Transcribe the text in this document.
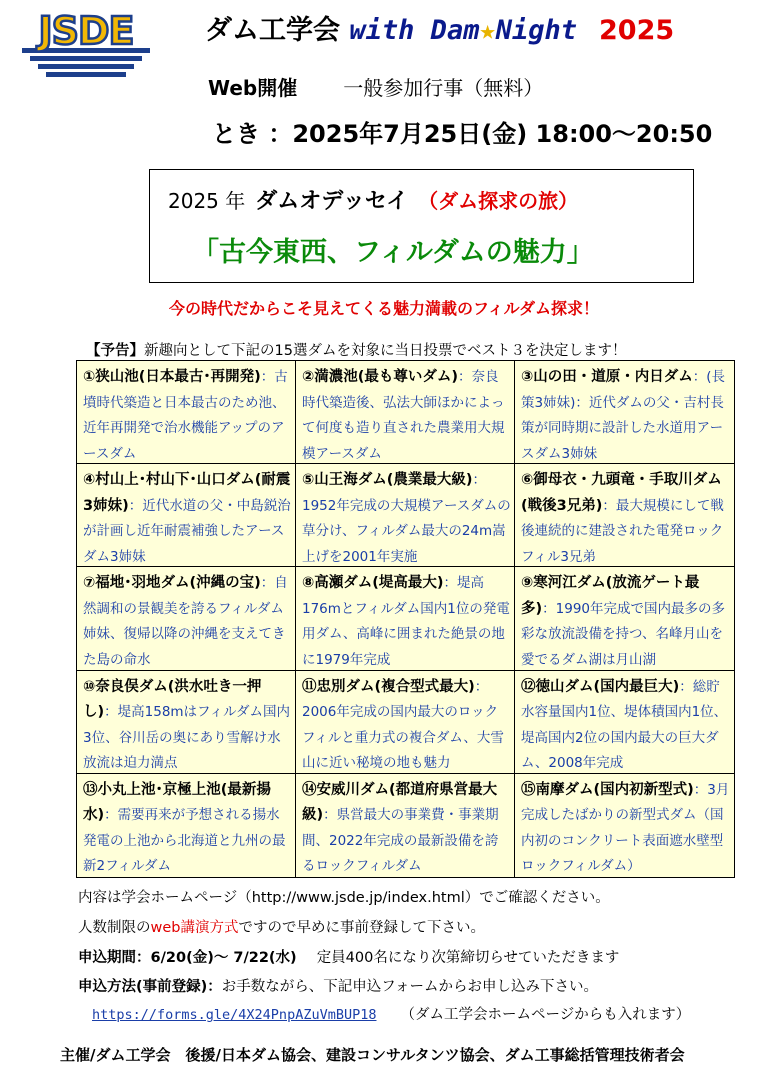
JSDE	ダム工学会 with Dam★Night 2025
Web開催 一般参加行事（無料）
とき ：2025年7月25日(金) 18:00～20:50
2025 年 ダムオデッセイ （ダム探求の旅）
「古今東西、フィルダムの魅力」
今の時代だからこそ見えてくる魅力満載のフィルダム探求！
【予告】新趣向として下記の15選ダムを対象に当日投票でベスト３を決定します！
①狭山池(日本最古･再開発)：古墳時代築造と日本最古のため池、近年再開発で治水機能アップのアースダム
②満濃池(最も尊いダム)：奈良時代築造後、弘法大師ほかによって何度も造り直された農業用大規模アースダム
③山の田・道原・内日ダム：(長策3姉妹)：近代ダムの父・吉村長策が同時期に設計した水道用アースダム3姉妹
④村山上･村山下･山口ダム(耐震3姉妹)：近代水道の父・中島鋭治が計画し近年耐震補強したアースダム3姉妹
⑤山王海ダム(農業最大級)：1952年完成の大規模アースダムの草分け、フィルダム最大の24m嵩上げを2001年実施
⑥御母衣・九頭竜・手取川ダム(戦後3兄弟)：最大規模にして戦後連続的に建設された電発ロックフィル3兄弟
⑦福地･羽地ダム(沖縄の宝)：自然調和の景観美を誇るフィルダム姉妹、復帰以降の沖縄を支えてきた島の命水
⑧高瀬ダム(堤高最大)：堤高176mとフィルダム国内1位の発電用ダム、高峰に囲まれた絶景の地に1979年完成
⑨寒河江ダム(放流ゲート最多)：1990年完成で国内最多の多彩な放流設備を持つ、名峰月山を愛でるダム湖は月山湖
⑩奈良俣ダム(洪水吐き一押し)：堤高158mはフィルダム国内3位、谷川岳の奥にあり雪解け水放流は迫力満点
⑪忠別ダム(複合型式最大)：2006年完成の国内最大のロックフィルと重力式の複合ダム、大雪山に近い秘境の地も魅力
⑫徳山ダム(国内最巨大)：総貯水容量国内1位、堤体積国内1位、堤高国内2位の国内最大の巨大ダム、2008年完成
⑬小丸上池･京極上池(最新揚水)：需要再来が予想される揚水発電の上池から北海道と九州の最新2フィルダム
⑭安威川ダム(都道府県営最大級)：県営最大の事業費・事業期間、2022年完成の最新設備を誇るロックフィルダム
⑮南摩ダム(国内初新型式)：3月完成したばかりの新型式ダム（国内初のコンクリート表面遮水壁型ロックフィルダム）
内容は学会ホームページ（http://www.jsde.jp/index.html）でご確認ください。
人数制限のweb講演方式ですので早めに事前登録して下さい。
申込期間：6/20(金)～ 7/22(水) 定員400名になり次第締切らせていただきます
申込方法(事前登録)：お手数ながら、下記申込フォームからお申し込み下さい。
https://forms.gle/4X24PnpAZuVmBUP18 （ダム工学会ホームページからも入れます）
主催/ダム工学会　後援/日本ダム協会、建設コンサルタンツ協会、ダム工事総括管理技術者会
